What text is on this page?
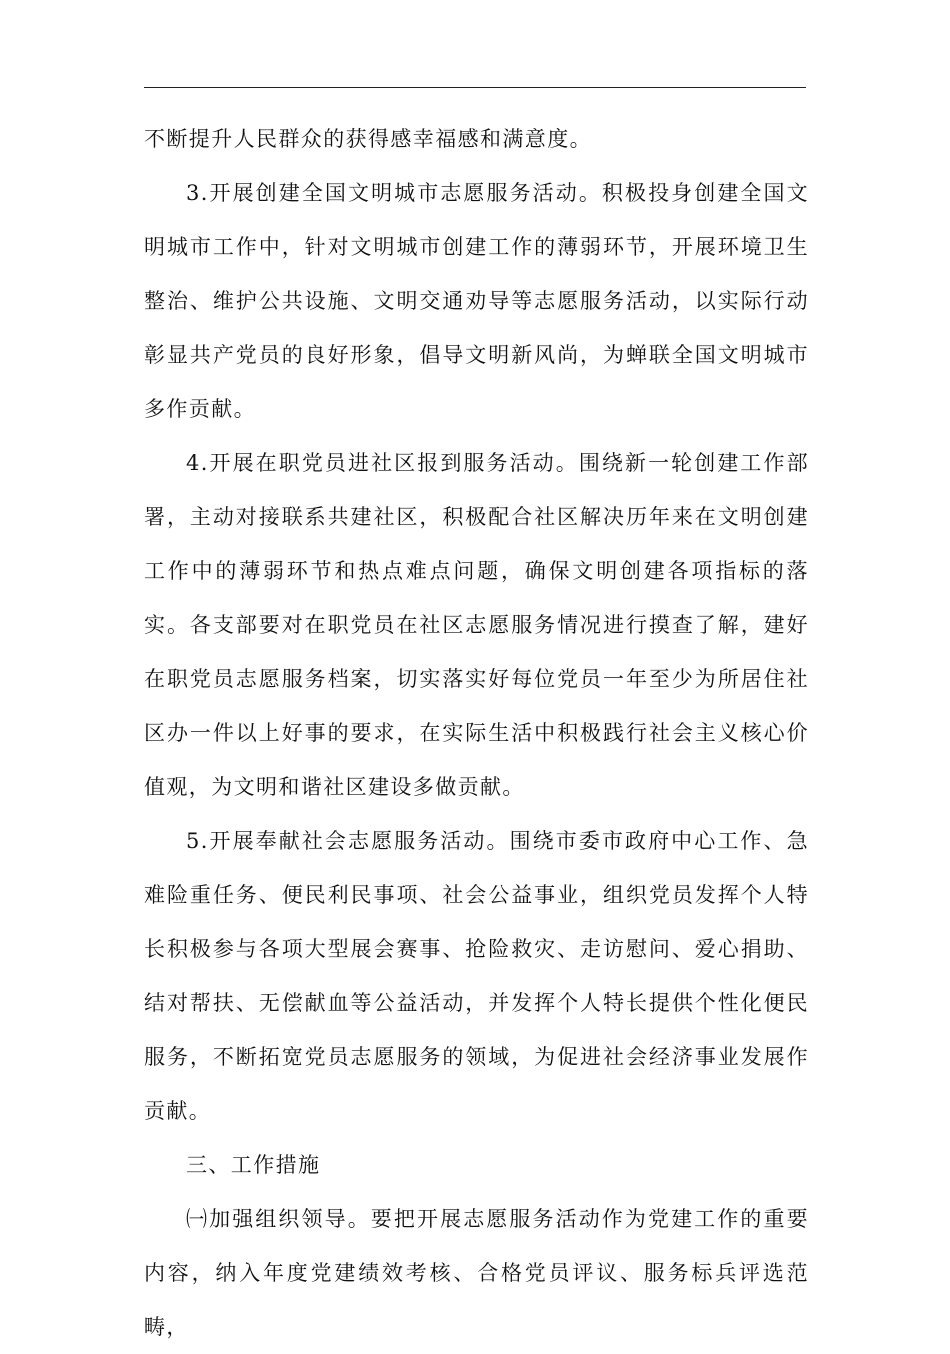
不断提升人民群众的获得感幸福感和满意度。

3.开展创建全国文明城市志愿服务活动。积极投身创建全国文明城市工作中，针对文明城市创建工作的薄弱环节，开展环境卫生整治、维护公共设施、文明交通劝导等志愿服务活动，以实际行动彰显共产党员的良好形象，倡导文明新风尚，为蝉联全国文明城市多作贡献。

4.开展在职党员进社区报到服务活动。围绕新一轮创建工作部署，主动对接联系共建社区，积极配合社区解决历年来在文明创建工作中的薄弱环节和热点难点问题，确保文明创建各项指标的落实。各支部要对在职党员在社区志愿服务情况进行摸查了解，建好在职党员志愿服务档案，切实落实好每位党员一年至少为所居住社区办一件以上好事的要求，在实际生活中积极践行社会主义核心价值观，为文明和谐社区建设多做贡献。

5.开展奉献社会志愿服务活动。围绕市委市政府中心工作、急难险重任务、便民利民事项、社会公益事业，组织党员发挥个人特长积极参与各项大型展会赛事、抢险救灾、走访慰问、爱心捐助、结对帮扶、无偿献血等公益活动，并发挥个人特长提供个性化便民服务，不断拓宽党员志愿服务的领域，为促进社会经济事业发展作贡献。

三、工作措施

㈠加强组织领导。要把开展志愿服务活动作为党建工作的重要内容，纳入年度党建绩效考核、合格党员评议、服务标兵评选范畴，
